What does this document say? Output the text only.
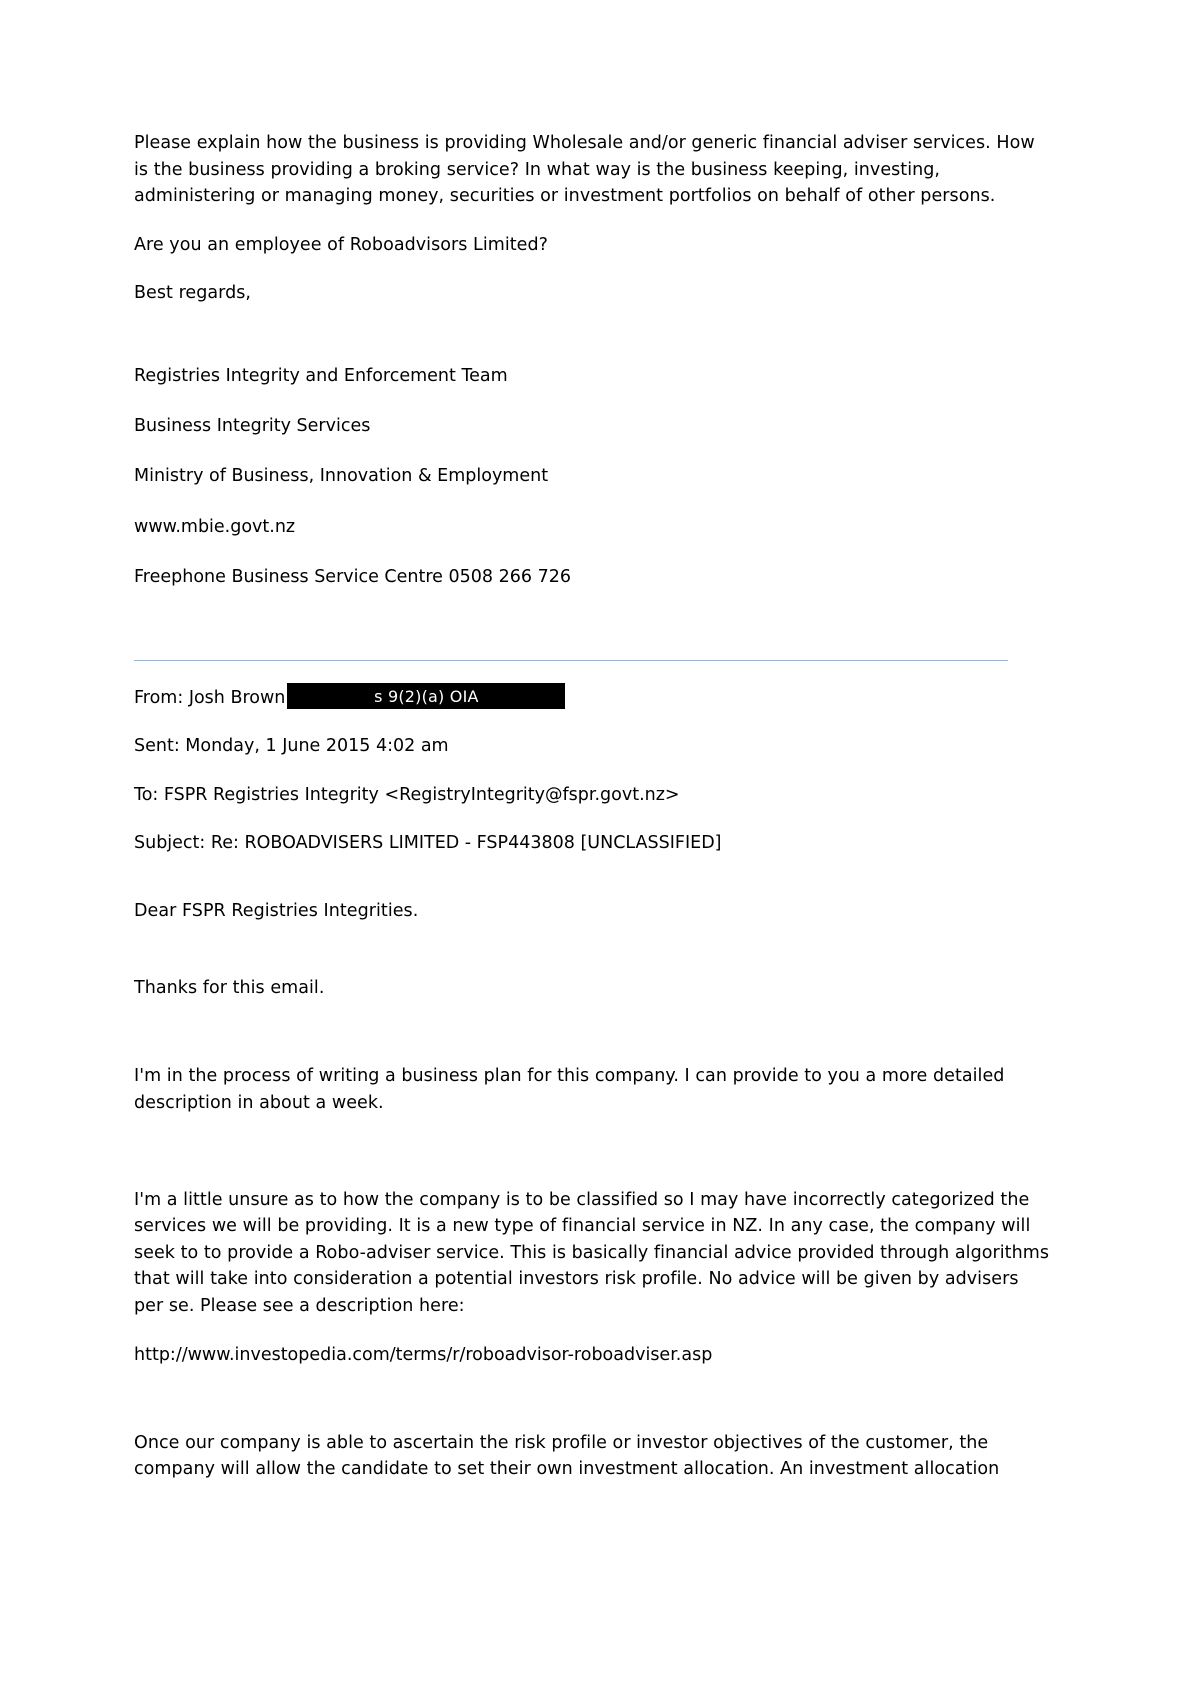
Please explain how the business is providing Wholesale and/or generic financial adviser services. How is the business providing a broking service? In what way is the business keeping, investing, administering or managing money, securities or investment portfolios on behalf of other persons.

Are you an employee of Roboadvisors Limited?

Best regards,

Registries Integrity and Enforcement Team
Business Integrity Services
Ministry of Business, Innovation & Employment
www.mbie.govt.nz
Freephone Business Service Centre 0508 266 726
From: Josh Brown	s 9(2)(a) OIA
Sent: Monday, 1 June 2015 4:02 am
To: FSPR Registries Integrity <RegistryIntegrity@fspr.govt.nz>
Subject: Re: ROBOADVISERS LIMITED - FSP443808 [UNCLASSIFIED]

Dear FSPR Registries Integrities.

Thanks for this email.

I'm in the process of writing a business plan for this company. I can provide to you a more detailed description in about a week.

I'm a little unsure as to how the company is to be classified so I may have incorrectly categorized the services we will be providing. It is a new type of financial service in NZ. In any case, the company will seek to to provide a Robo-adviser service. This is basically financial advice provided through algorithms that will take into consideration a potential investors risk profile. No advice will be given by advisers per se. Please see a description here:

http://www.investopedia.com/terms/r/roboadvisor-roboadviser.asp

Once our company is able to ascertain the risk profile or investor objectives of the customer, the company will allow the candidate to set their own investment allocation. An investment allocation
